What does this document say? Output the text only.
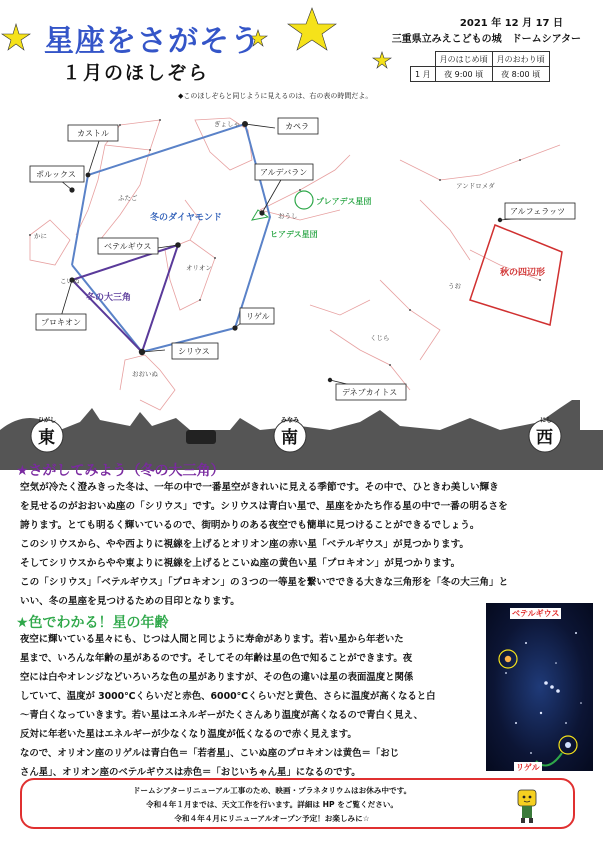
星座をさがそう
１月のほしぞら
2021 年 12 月 17 日
三重県立みえこどもの城　ドームシアター
	月のはじめ頃	月のおわり頃
1 月	夜 9:00 頃	夜 8:00 頃
◆このほしぞらと同じように見えるのは、右の表の時間だよ。
カストル
ポルックス
カペラ
アルデバラン
ベテルギウス
プロキオン
リゲル
シリウス
アルフェラッツ
デネブカイトス
冬のダイヤモンド
冬の大三角
プレアデス星団
ヒアデス星団
秋の四辺形
ぎょしゃ
ふたご
かに
おうし
オリオン
こいぬ
おおいぬ
アンドロメダ
うお
くじら
東
ひがし
南
みなみ
西
にし
★さがしてみよう（冬の大三角）
空気が冷たく澄みきった冬は、一年の中で一番星空がきれいに見える季節です。その中で、ひときわ美しい輝き
を見せるのがおおいぬ座の「シリウス」です。シリウスは青白い星で、星座をかたち作る星の中で一番の明るさを
誇ります。とても明るく輝いているので、街明かりのある夜空でも簡単に見つけることができるでしょう。
このシリウスから、やや西よりに視線を上げるとオリオン座の赤い星「ベテルギウス」が見つかります。
そしてシリウスからやや東よりに視線を上げるとこいぬ座の黄色い星「プロキオン」が見つかります。
この「シリウス」「ベテルギウス」「プロキオン」の３つの一等星を繋いでできる大きな三角形を「冬の大三角」と
いい、冬の星座を見つけるための目印となります。
★色でわかる！星の年齢
夜空に輝いている星々にも、じつは人間と同じように寿命があります。若い星から年老いた
星まで、いろんな年齢の星があるのです。そしてその年齢は星の色で知ることができます。夜
空には白やオレンジなどいろいろな色の星がありますが、その色の違いは星の表面温度と関係
していて、温度が 3000℃くらいだと赤色、6000℃くらいだと黄色、さらに温度が高くなると白
～青白くなっていきます。若い星はエネルギーがたくさんあり温度が高くなるので青白く見え、
反対に年老いた星はエネルギーが少なくなり温度が低くなるので赤く見えます。
なので、オリオン座のリゲルは青白色＝「若者星」、こいぬ座のプロキオンは黄色＝「おじ
さん星」、オリオン座のベテルギウスは赤色＝「おじいちゃん星」になるのです。
ベテルギウス
リゲル

ドームシアターリニューアル工事のため、映画・プラネタリウムはお休み中です。

令和４年１月までは、天文工作を行います。詳細は HP をご覧ください。

令和４年４月にリニューアルオープン予定！お楽しみに☆
